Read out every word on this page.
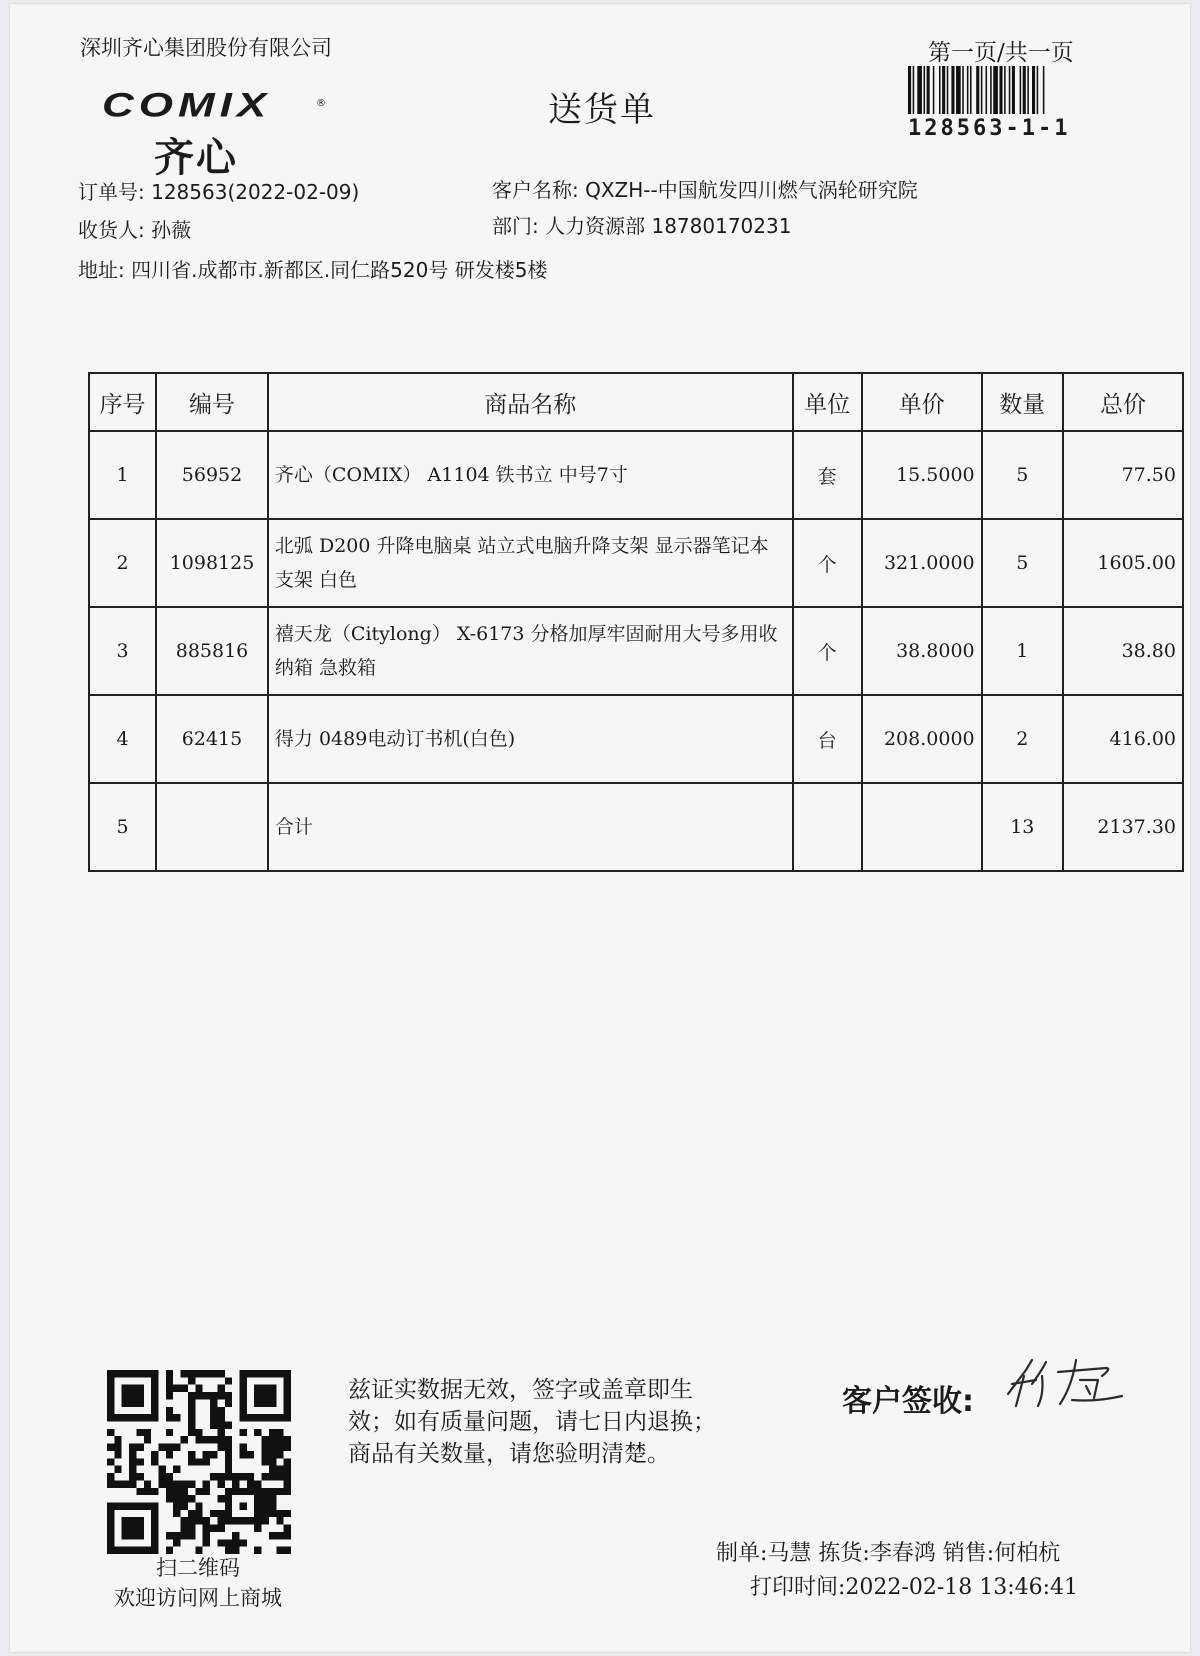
深圳齐心集团股份有限公司	第一页/共一页
COMIX	®
齐心
送货单	128563-1-1
订单号: 128563(2022-02-09)	客户名称: QXZH--中国航发四川燃气涡轮研究院
收货人: 孙薇	部门: 人力资源部 18780170231
地址: 四川省.成都市.新都区.同仁路520号 研发楼5楼
序号	编号	商品名称	单位	单价	数量	总价
1	56952	齐心（COMIX） A1104 铁书立 中号7寸	套	15.5000	5	77.50
2	1098125	北弧 D200 升降电脑桌 站立式电脑升降支架 显示器笔记本支架 白色	个	321.0000	5	1605.00
3	885816	禧天龙（Citylong） X-6173 分格加厚牢固耐用大号多用收纳箱 急救箱	个	38.8000	1	38.80
4	62415	得力 0489电动订书机(白色)	台	208.0000	2	416.00
5		合计			13	2137.30
扫二维码
欢迎访问网上商城
兹证实数据无效，签字或盖章即生
效；如有质量问题，请七日内退换；
商品有关数量，请您验明清楚。
客户签收:
制单:马慧 拣货:李春鸿 销售:何柏杭
打印时间:2022-02-18 13:46:41
